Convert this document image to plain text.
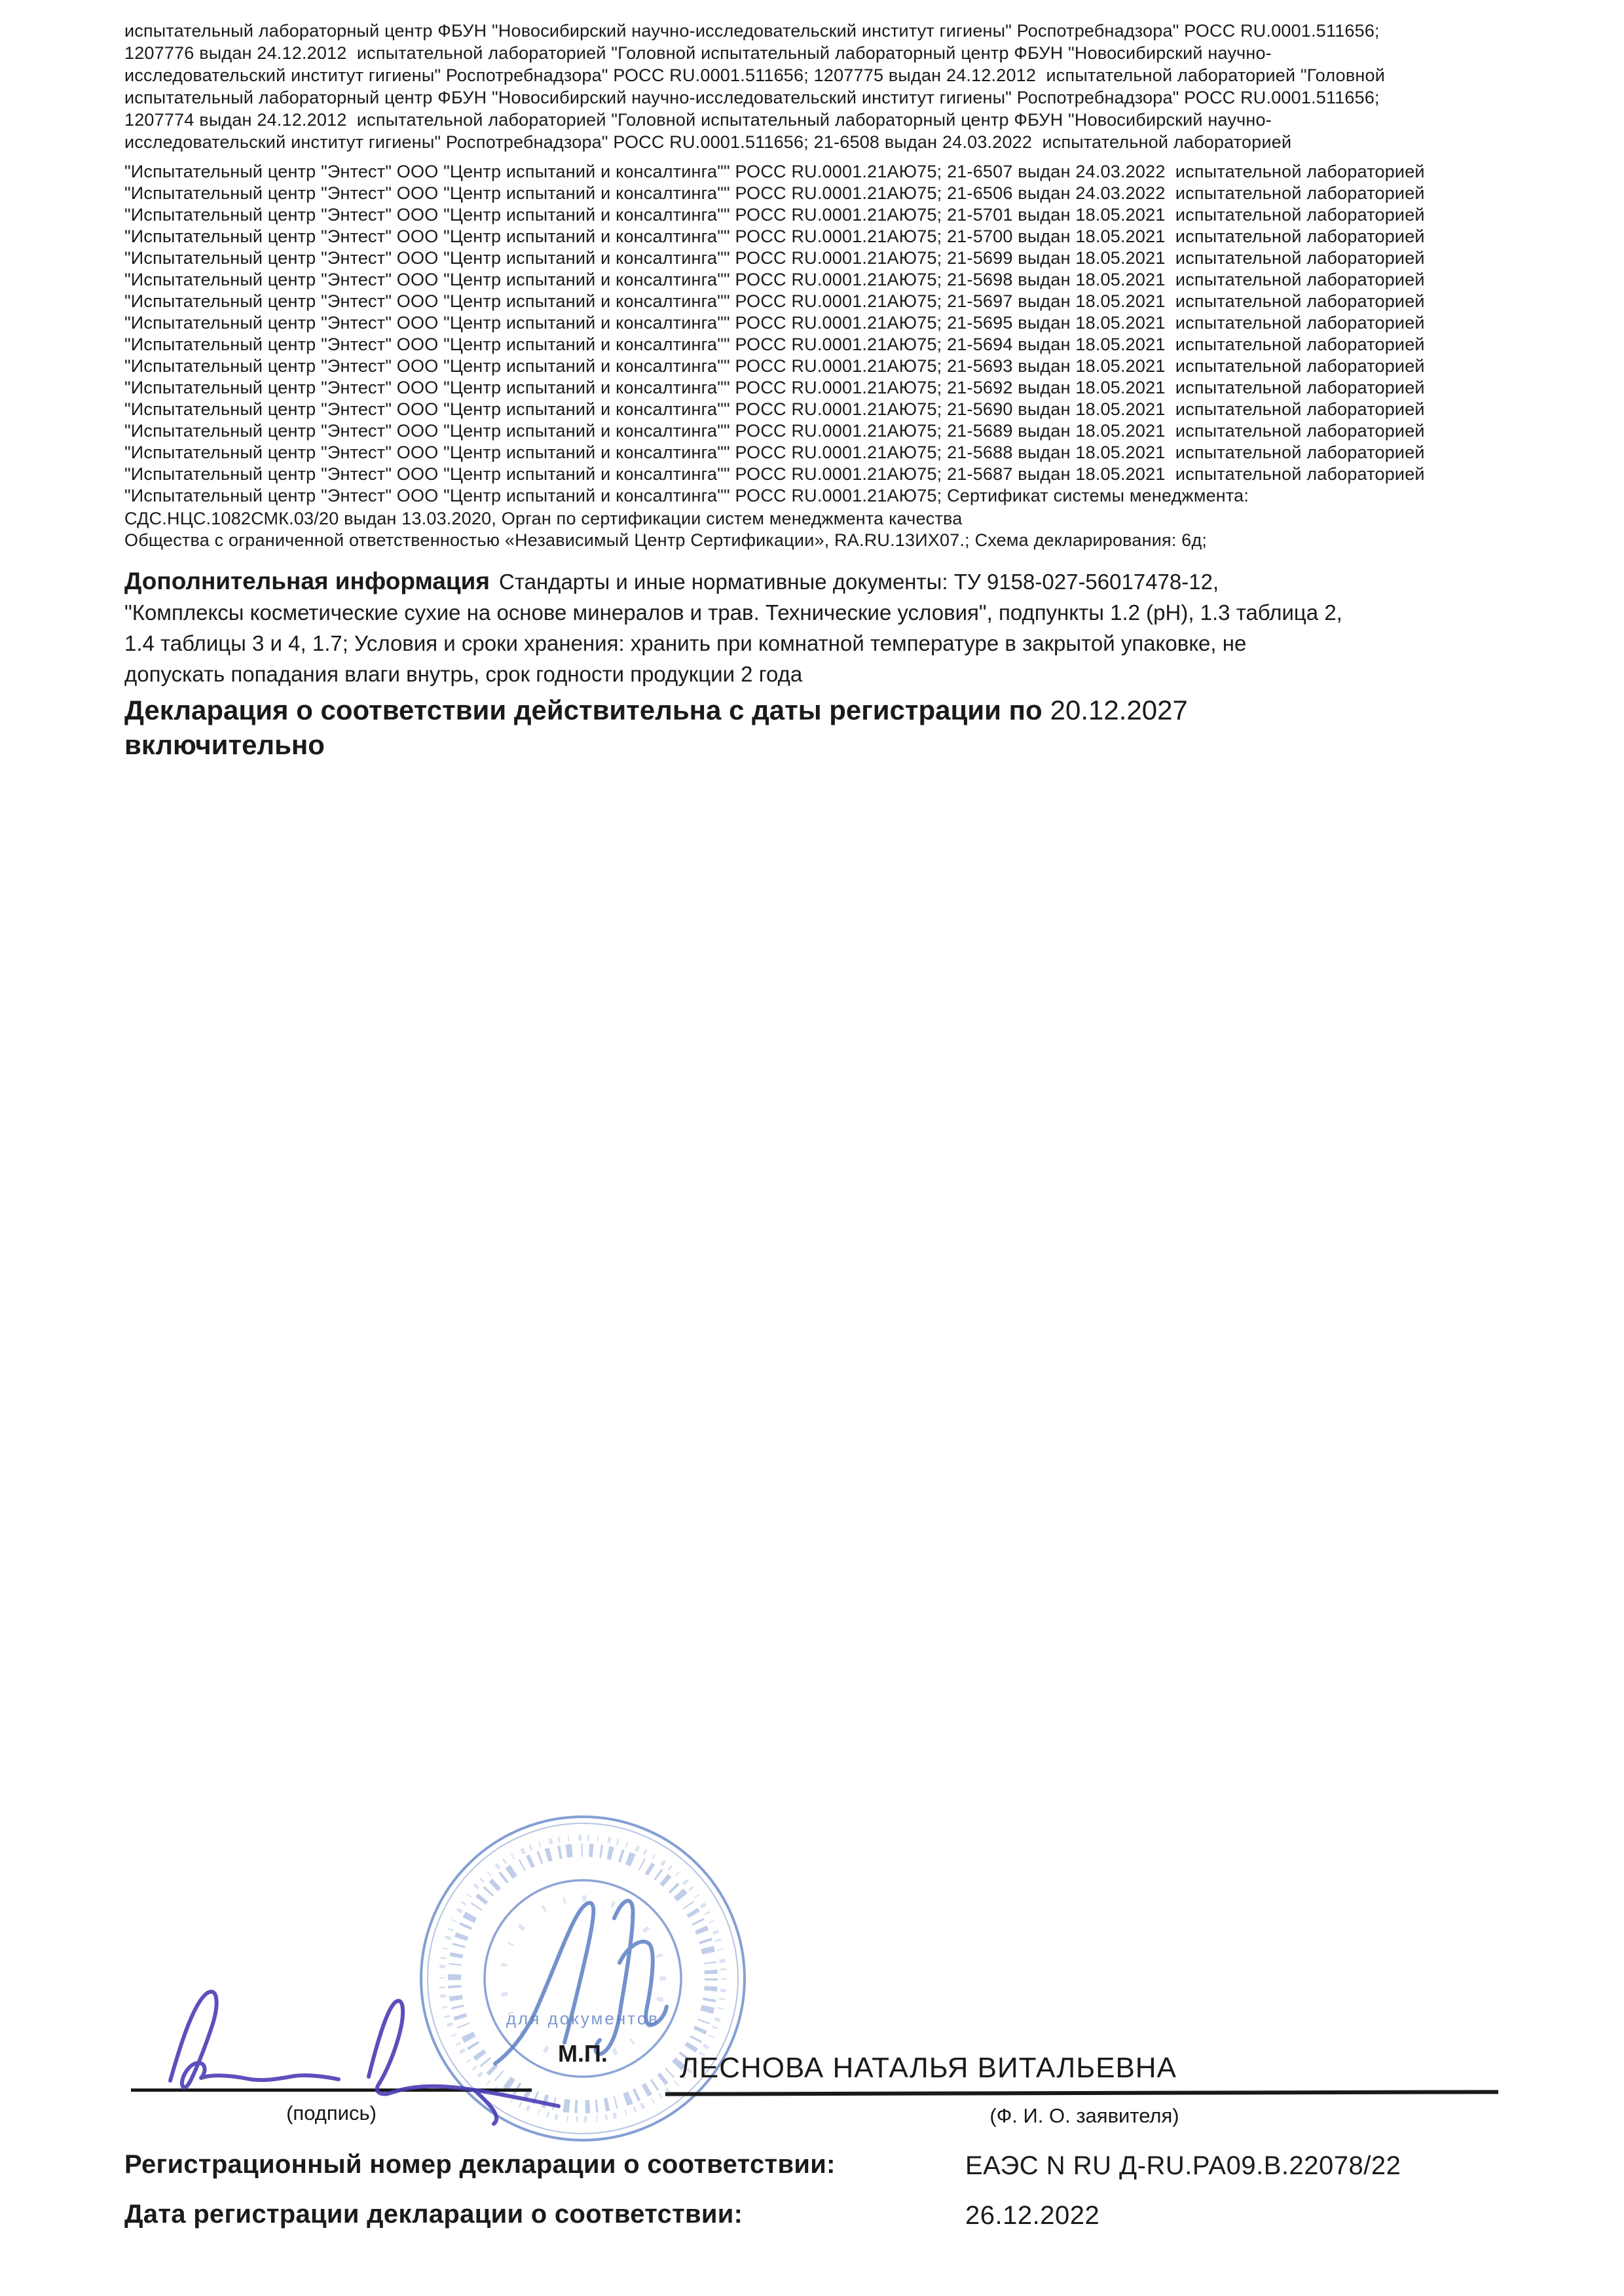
испытательный лабораторный центр ФБУН "Новосибирский научно-исследовательский институт гигиены" Роспотребнадзора" РОСС RU.0001.511656;
1207776 выдан 24.12.2012  испытательной лабораторией "Головной испытательный лабораторный центр ФБУН "Новосибирский научно-
исследовательский институт гигиены" Роспотребнадзора" РОСС RU.0001.511656; 1207775 выдан 24.12.2012  испытательной лабораторией "Головной
испытательный лабораторный центр ФБУН "Новосибирский научно-исследовательский институт гигиены" Роспотребнадзора" РОСС RU.0001.511656;
1207774 выдан 24.12.2012  испытательной лабораторией "Головной испытательный лабораторный центр ФБУН "Новосибирский научно-
исследовательский институт гигиены" Роспотребнадзора" РОСС RU.0001.511656; 21-6508 выдан 24.03.2022  испытательной лабораторией
"Испытательный центр "Энтест" ООО "Центр испытаний и консалтинга"" РОСС RU.0001.21АЮ75; 21-6507 выдан 24.03.2022  испытательной лабораторией
"Испытательный центр "Энтест" ООО "Центр испытаний и консалтинга"" РОСС RU.0001.21АЮ75; 21-6506 выдан 24.03.2022  испытательной лабораторией
"Испытательный центр "Энтест" ООО "Центр испытаний и консалтинга"" РОСС RU.0001.21АЮ75; 21-5701 выдан 18.05.2021  испытательной лабораторией
"Испытательный центр "Энтест" ООО "Центр испытаний и консалтинга"" РОСС RU.0001.21АЮ75; 21-5700 выдан 18.05.2021  испытательной лабораторией
"Испытательный центр "Энтест" ООО "Центр испытаний и консалтинга"" РОСС RU.0001.21АЮ75; 21-5699 выдан 18.05.2021  испытательной лабораторией
"Испытательный центр "Энтест" ООО "Центр испытаний и консалтинга"" РОСС RU.0001.21АЮ75; 21-5698 выдан 18.05.2021  испытательной лабораторией
"Испытательный центр "Энтест" ООО "Центр испытаний и консалтинга"" РОСС RU.0001.21АЮ75; 21-5697 выдан 18.05.2021  испытательной лабораторией
"Испытательный центр "Энтест" ООО "Центр испытаний и консалтинга"" РОСС RU.0001.21АЮ75; 21-5695 выдан 18.05.2021  испытательной лабораторией
"Испытательный центр "Энтест" ООО "Центр испытаний и консалтинга"" РОСС RU.0001.21АЮ75; 21-5694 выдан 18.05.2021  испытательной лабораторией
"Испытательный центр "Энтест" ООО "Центр испытаний и консалтинга"" РОСС RU.0001.21АЮ75; 21-5693 выдан 18.05.2021  испытательной лабораторией
"Испытательный центр "Энтест" ООО "Центр испытаний и консалтинга"" РОСС RU.0001.21АЮ75; 21-5692 выдан 18.05.2021  испытательной лабораторией
"Испытательный центр "Энтест" ООО "Центр испытаний и консалтинга"" РОСС RU.0001.21АЮ75; 21-5690 выдан 18.05.2021  испытательной лабораторией
"Испытательный центр "Энтест" ООО "Центр испытаний и консалтинга"" РОСС RU.0001.21АЮ75; 21-5689 выдан 18.05.2021  испытательной лабораторией
"Испытательный центр "Энтест" ООО "Центр испытаний и консалтинга"" РОСС RU.0001.21АЮ75; 21-5688 выдан 18.05.2021  испытательной лабораторией
"Испытательный центр "Энтест" ООО "Центр испытаний и консалтинга"" РОСС RU.0001.21АЮ75; 21-5687 выдан 18.05.2021  испытательной лабораторией
"Испытательный центр "Энтест" ООО "Центр испытаний и консалтинга"" РОСС RU.0001.21АЮ75; Сертификат системы менеджмента:
СДС.НЦС.1082СМК.03/20 выдан 13.03.2020, Орган по сертификации систем менеджмента качества
Общества с ограниченной ответственностью «Независимый Центр Сертификации», RA.RU.13ИХ07.; Схема декларирования: 6д;
Дополнительная информация Стандарты и иные нормативные документы: ТУ 9158-027-56017478-12,
"Комплексы косметические сухие на основе минералов и трав. Технические условия", подпункты 1.2 (рН), 1.3 таблица 2,
1.4 таблицы 3 и 4, 1.7; Условия и сроки хранения: хранить при комнатной температуре в закрытой упаковке, не
допускать попадания влаги внутрь, срок годности продукции 2 года
Декларация о соответствии действительна с даты регистрации по 20.12.2027
включительно
для документов
М.П.	ЛЕСНОВА НАТАЛЬЯ ВИТАЛЬЕВНА
(подпись)	(Ф. И. О. заявителя)
Регистрационный номер декларации о соответствии:	ЕАЭС N RU Д-RU.РА09.В.22078/22
Дата регистрации декларации о соответствии:	26.12.2022
